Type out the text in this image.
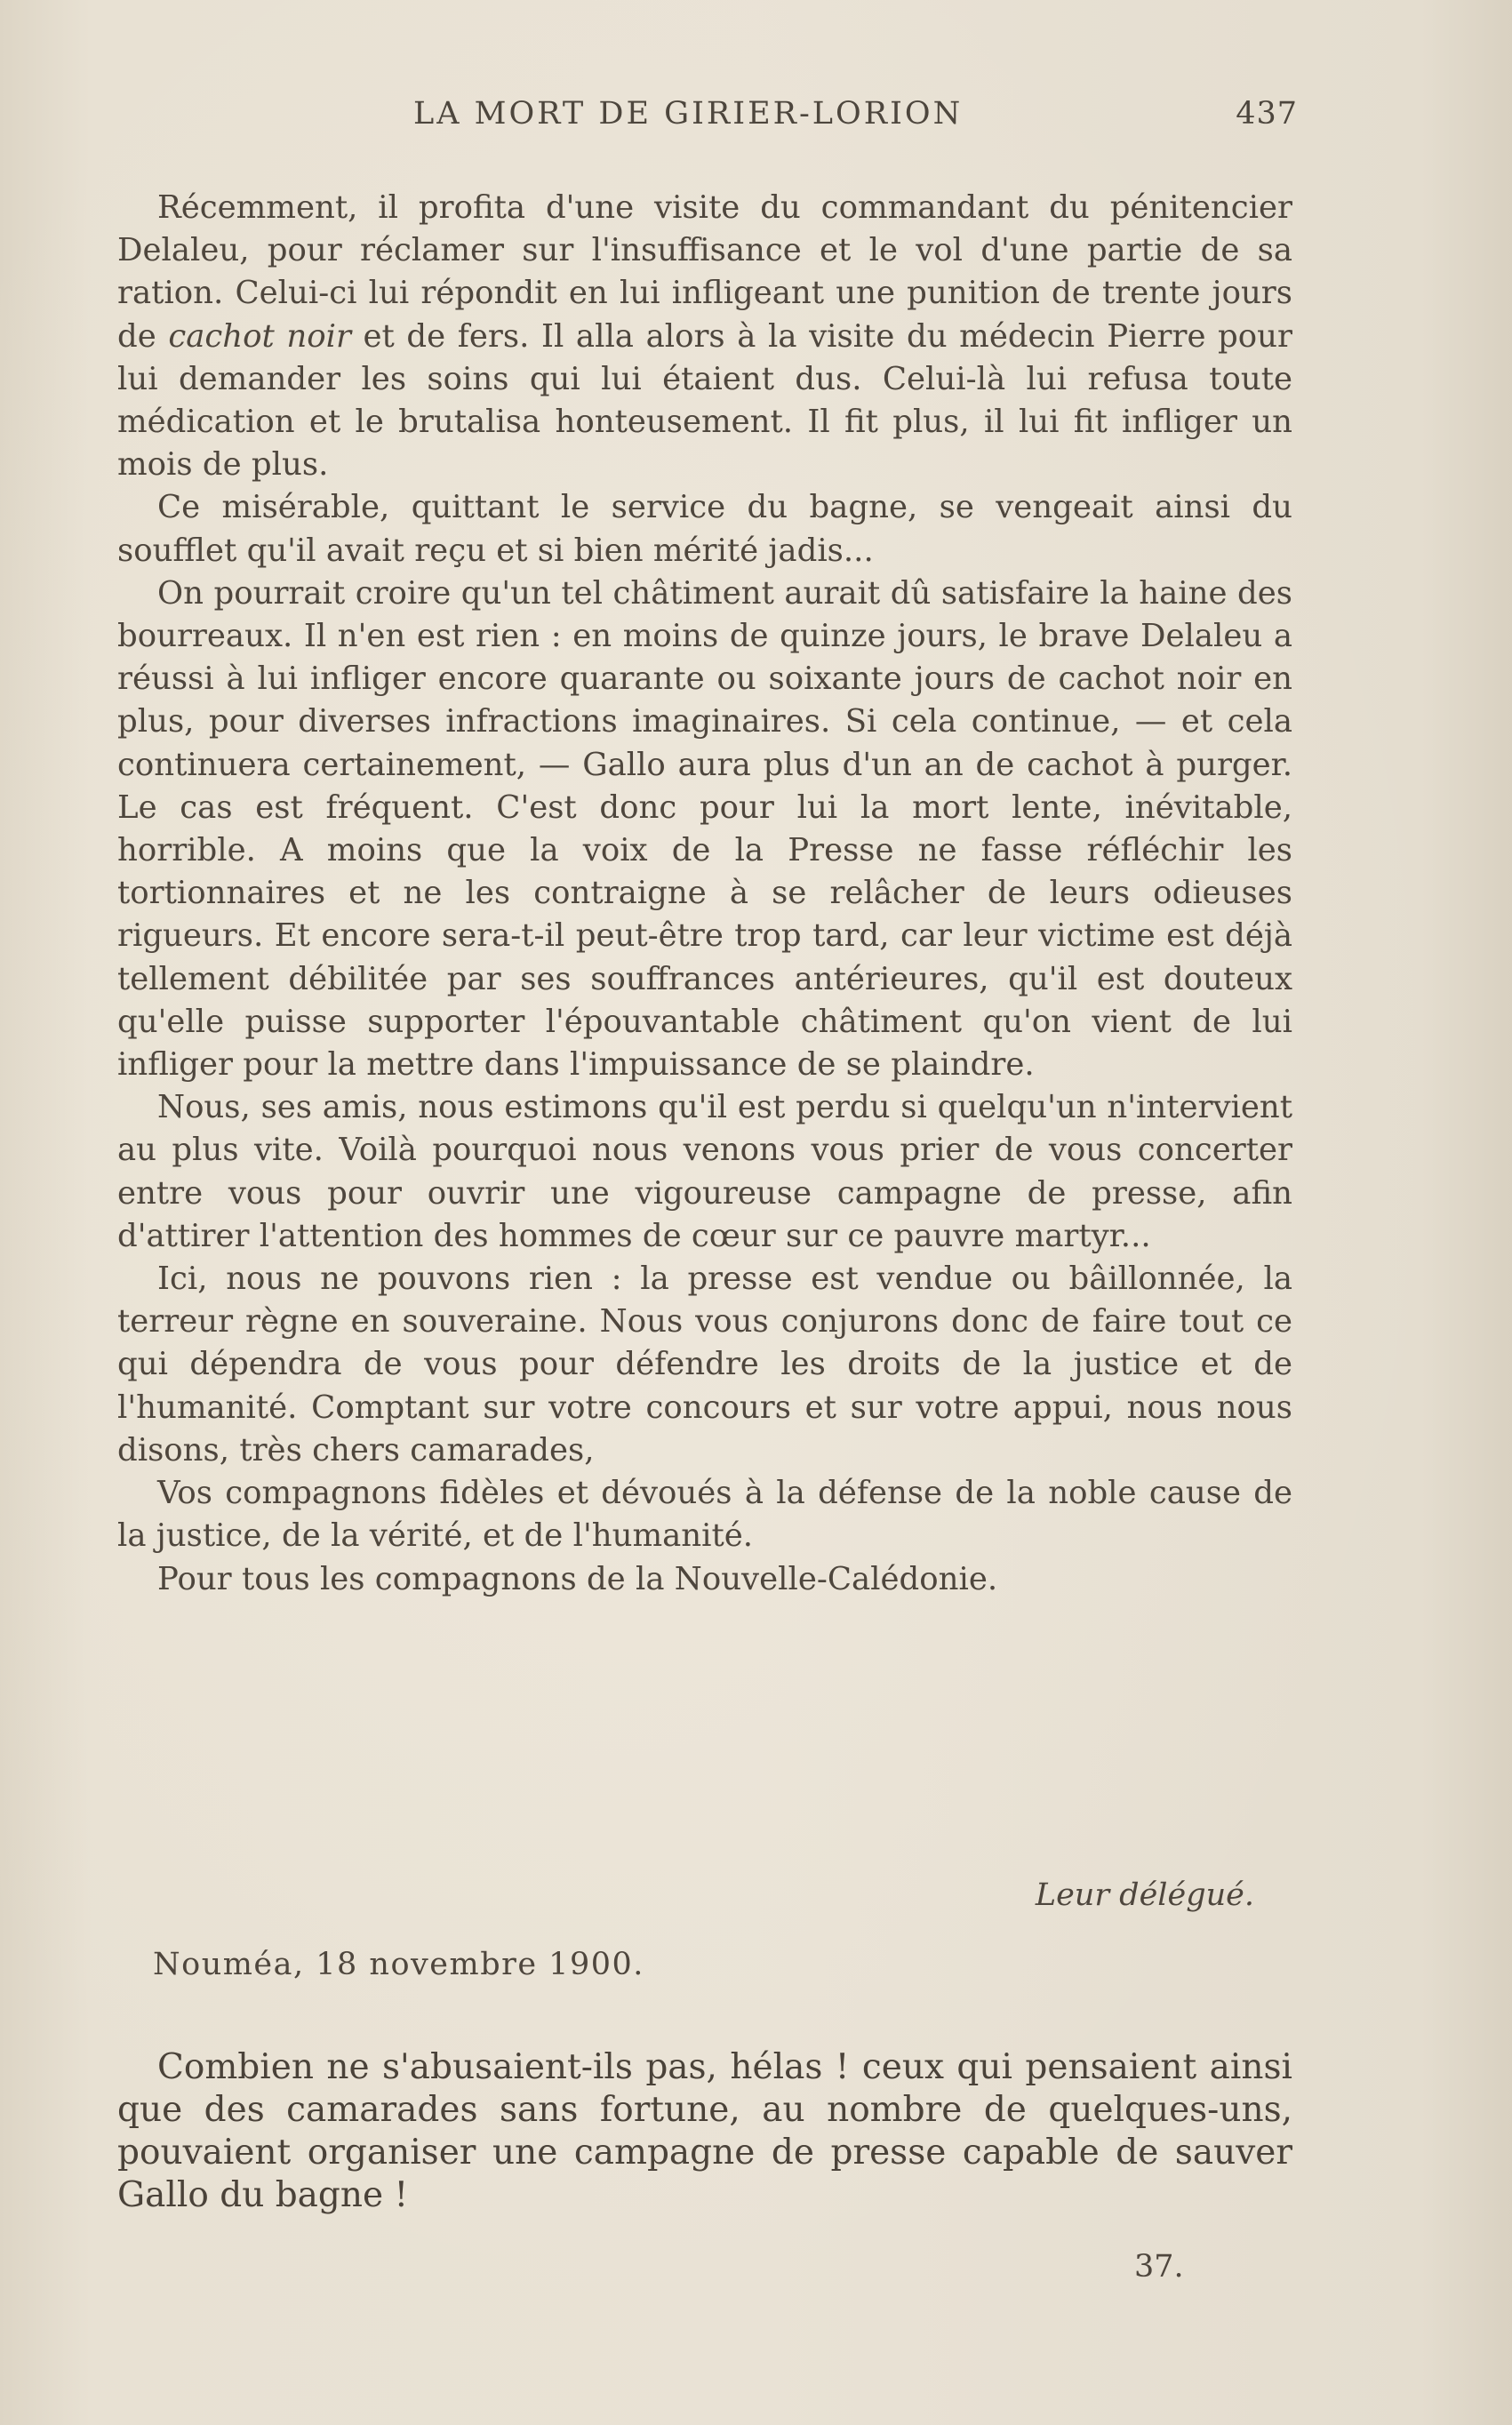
LA MORT DE GIRIER-LORION	437

Récemment, il profita d'une visite du commandant du pénitencier Delaleu, pour réclamer sur l'insuffisance et le vol d'une partie de sa ration. Celui-ci lui répondit en lui infligeant une punition de trente jours de cachot noir et de fers. Il alla alors à la visite du médecin Pierre pour lui demander les soins qui lui étaient dus. Celui-là lui refusa toute médication et le brutalisa honteusement. Il fit plus, il lui fit infliger un mois de plus.

Ce misérable, quittant le service du bagne, se vengeait ainsi du soufflet qu'il avait reçu et si bien mérité jadis...

On pourrait croire qu'un tel châtiment aurait dû satisfaire la haine des bourreaux. Il n'en est rien : en moins de quinze jours, le brave Delaleu a réussi à lui infliger encore quarante ou soixante jours de cachot noir en plus, pour diverses infractions imaginaires. Si cela continue, — et cela continuera certainement, — Gallo aura plus d'un an de cachot à purger. Le cas est fréquent. C'est donc pour lui la mort lente, inévitable, horrible. A moins que la voix de la Presse ne fasse réfléchir les tortionnaires et ne les contraigne à se relâcher de leurs odieuses rigueurs. Et encore sera-t-il peut-être trop tard, car leur victime est déjà tellement débilitée par ses souffrances antérieures, qu'il est douteux qu'elle puisse supporter l'épouvantable châtiment qu'on vient de lui infliger pour la mettre dans l'impuissance de se plaindre.

Nous, ses amis, nous estimons qu'il est perdu si quelqu'un n'intervient au plus vite. Voilà pourquoi nous venons vous prier de vous concerter entre vous pour ouvrir une vigoureuse campagne de presse, afin d'attirer l'attention des hommes de cœur sur ce pauvre martyr...

Ici, nous ne pouvons rien : la presse est vendue ou bâillonnée, la terreur règne en souveraine. Nous vous conjurons donc de faire tout ce qui dépendra de vous pour défendre les droits de la justice et de l'humanité. Comptant sur votre concours et sur votre appui, nous nous disons, très chers camarades,

Vos compagnons fidèles et dévoués à la défense de la noble cause de la justice, de la vérité, et de l'humanité.

Pour tous les compagnons de la Nouvelle-Calédonie.

Leur délégué.
Nouméa, 18 novembre 1900.

Combien ne s'abusaient-ils pas, hélas ! ceux qui pensaient ainsi que des camarades sans fortune, au nombre de quelques-uns, pouvaient organiser une campagne de presse capable de sauver Gallo du bagne !

37.
